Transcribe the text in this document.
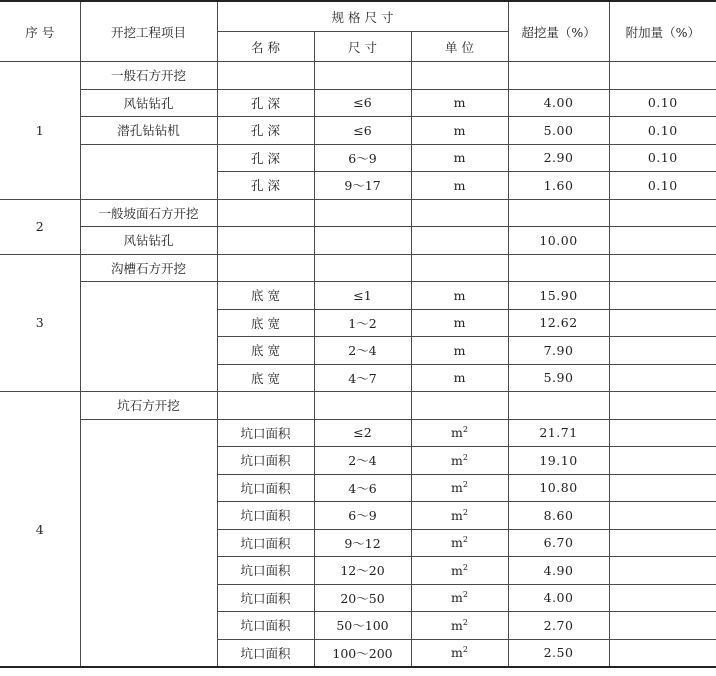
序 号	开挖工程项目	规 格 尺 寸			超挖量（%）	附加量（%）
		名 称	尺 寸	单 位		
1	一般石方开挖					
	风钻钻孔	孔 深	≤6	m	4.00	0.10
	潜孔钻钻机	孔 深	≤6	m	5.00	0.10
		孔 深	6～9	m	2.90	0.10
		孔 深	9～17	m	1.60	0.10
2	一般坡面石方开挖					
	风钻钻孔				10.00	
3	沟槽石方开挖					
		底 宽	≤1	m	15.90	
		底 宽	1～2	m	12.62	
		底 宽	2～4	m	7.90	
		底 宽	4～7	m	5.90	
4	坑石方开挖					
		坑口面积	≤2	$m^2$	21.71	
		坑口面积	2～4	$m^2$	19.10	
		坑口面积	4～6	$m^2$	10.80	
		坑口面积	6～9	$m^2$	8.60	
		坑口面积	9～12	$m^2$	6.70	
		坑口面积	12～20	$m^2$	4.90	
		坑口面积	20～50	$m^2$	4.00	
		坑口面积	50～100	$m^2$	2.70	
		坑口面积	100～200	$m^2$	2.50	
